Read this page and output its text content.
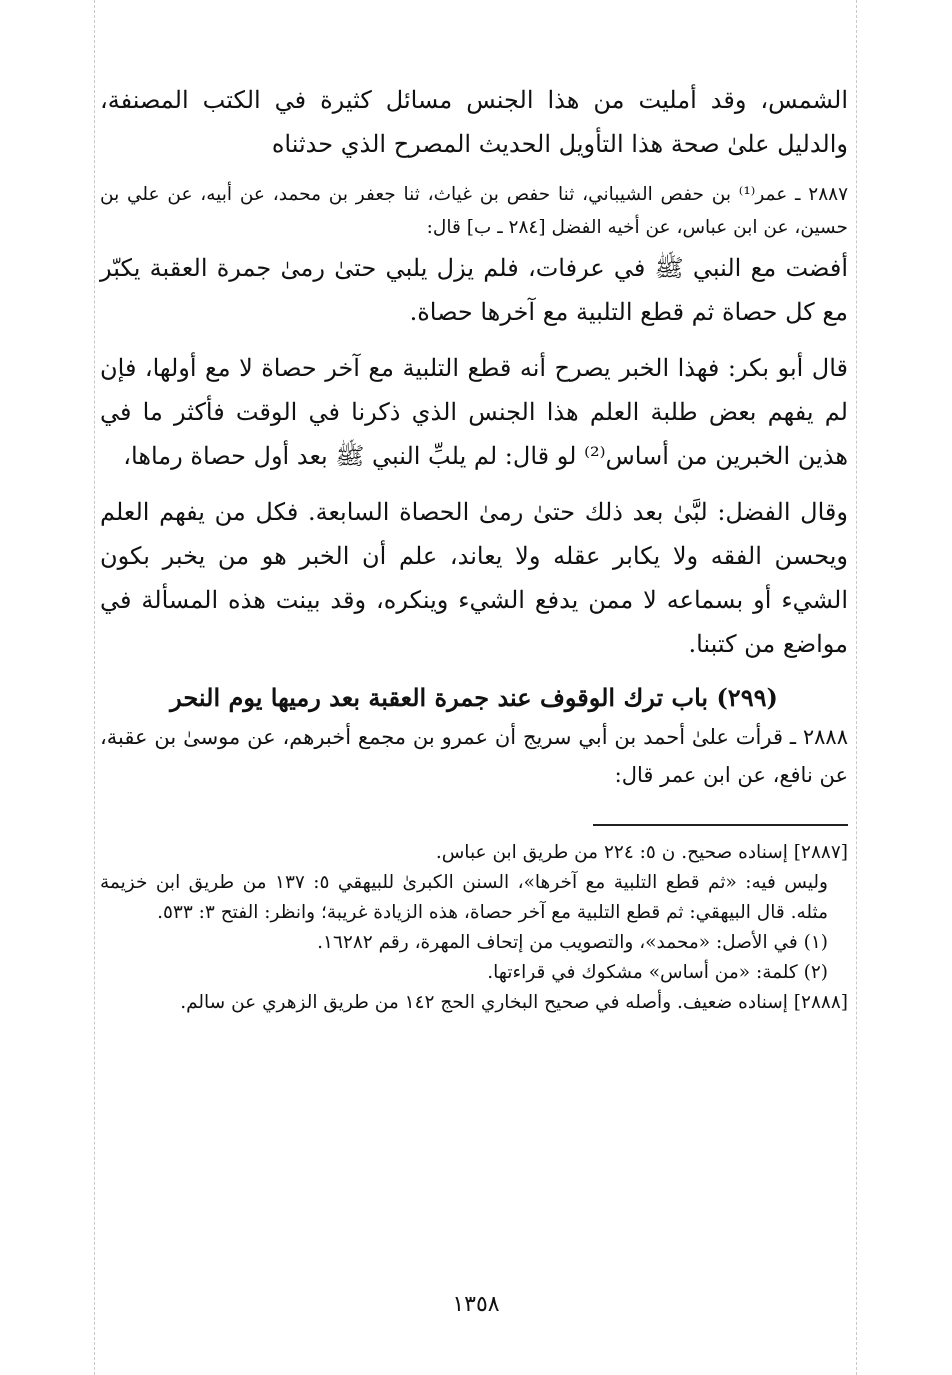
الشمس، وقد أمليت من هذا الجنس مسائل كثيرة في الكتب المصنفة، والدليل علىٰ صحة هذا التأويل الحديث المصرح الذي حدثناه

٢٨٨٧ ـ عمر⁽¹⁾ بن حفص الشيباني، ثنا حفص بن غياث، ثنا جعفر بن محمد، عن أبيه، عن علي بن حسين، عن ابن عباس، عن أخيه الفضل [٢٨٤ ـ ب] قال:

أفضت مع النبي ﷺ في عرفات، فلم يزل يلبي حتىٰ رمىٰ جمرة العقبة يكبّر مع كل حصاة ثم قطع التلبية مع آخرها حصاة.

قال أبو بكر: فهذا الخبر يصرح أنه قطع التلبية مع آخر حصاة لا مع أولها، فإن لم يفهم بعض طلبة العلم هذا الجنس الذي ذكرنا في الوقت فأكثر ما في هذين الخبرين من أساس⁽²⁾ لو قال: لم يلبِّ النبي ﷺ بعد أول حصاة رماها،

وقال الفضل: لبَّىٰ بعد ذلك حتىٰ رمىٰ الحصاة السابعة. فكل من يفهم العلم ويحسن الفقه ولا يكابر عقله ولا يعاند، علم أن الخبر هو من يخبر بكون الشيء أو بسماعه لا ممن يدفع الشيء وينكره، وقد بينت هذه المسألة في مواضع من كتبنا.

(٢٩٩) باب ترك الوقوف عند جمرة العقبة بعد رميها يوم النحر

٢٨٨٨ ـ قرأت علىٰ أحمد بن أبي سريج أن عمرو بن مجمع أخبرهم، عن موسىٰ بن عقبة، عن نافع، عن ابن عمر قال:

[٢٨٨٧] إسناده صحيح. ن ٥: ٢٢٤ من طريق ابن عباس.

وليس فيه: «ثم قطع التلبية مع آخرها»، السنن الكبرىٰ للبيهقي ٥: ١٣٧ من طريق ابن خزيمة مثله. قال البيهقي: ثم قطع التلبية مع آخر حصاة، هذه الزيادة غريبة؛ وانظر: الفتح ٣: ٥٣٣.

(١) في الأصل: «محمد»، والتصويب من إتحاف المهرة، رقم ١٦٢٨٢.

(٢) كلمة: «من أساس» مشكوك في قراءتها.

[٢٨٨٨] إسناده ضعيف. وأصله في صحيح البخاري الحج ١٤٢ من طريق الزهري عن سالم.

١٣٥٨
